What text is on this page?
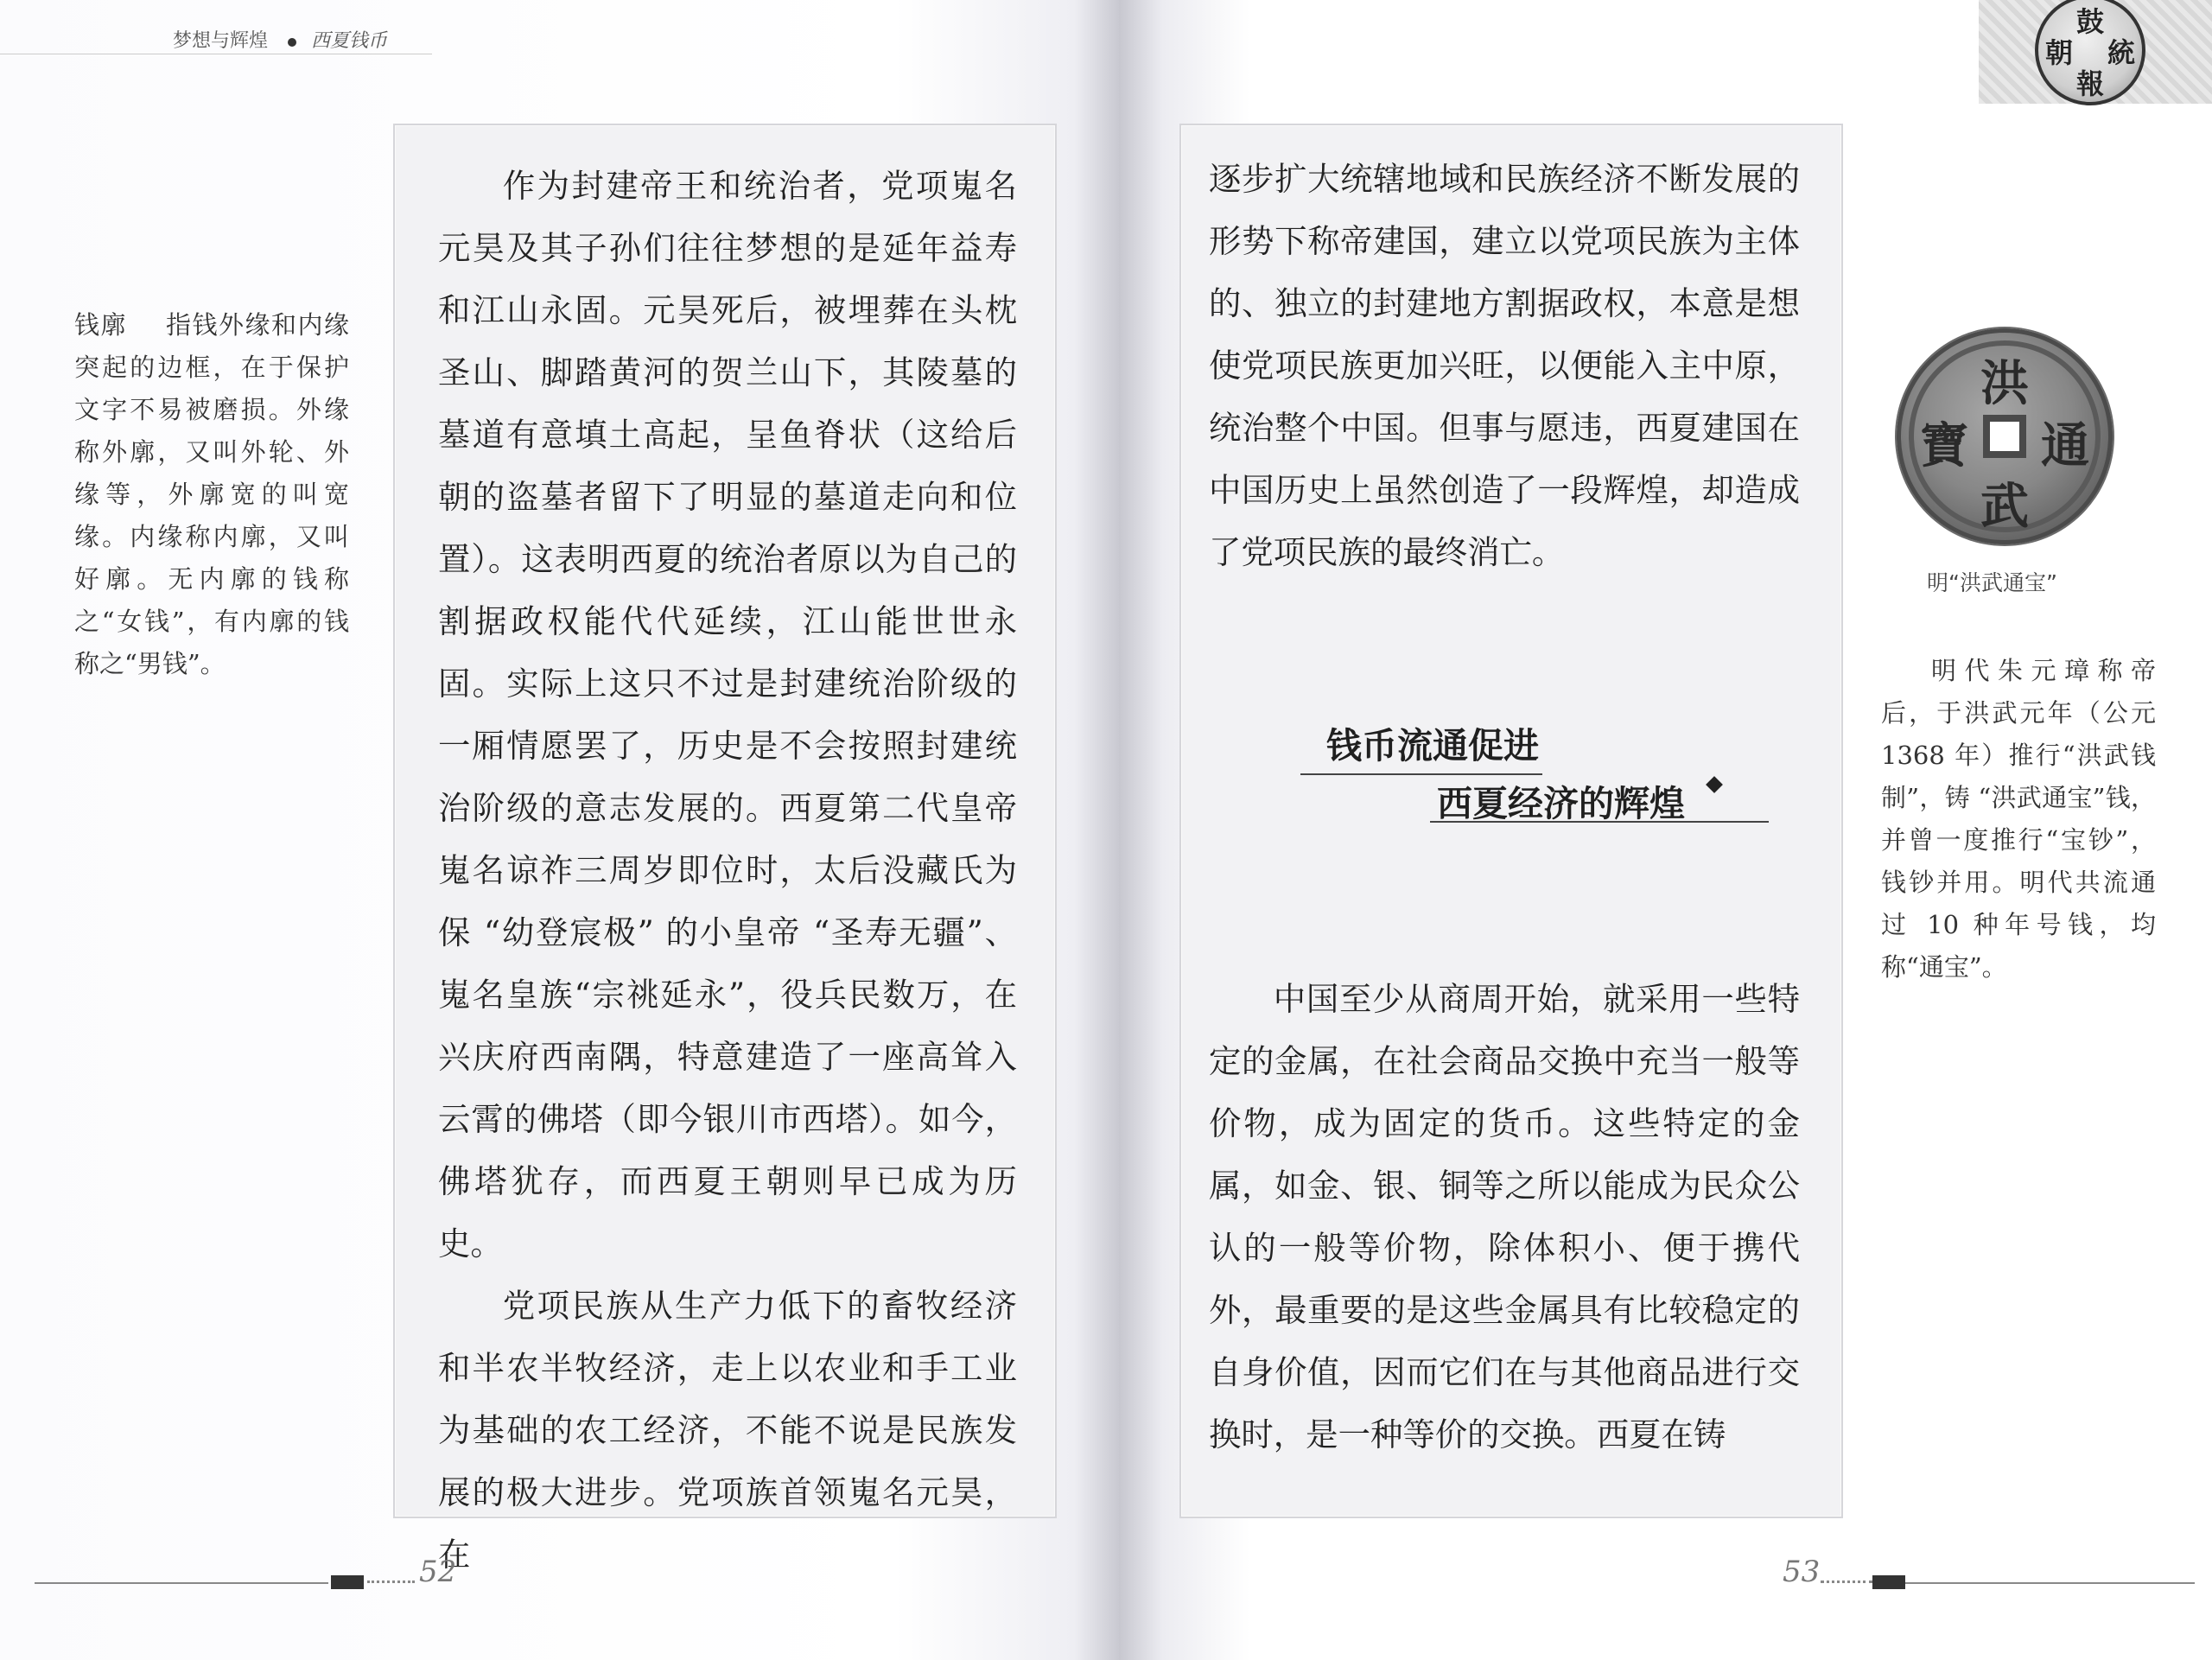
梦想与辉煌 西夏钱币
钱廓 指钱外缘和内缘突起的边框，在于保护文字不易被磨损。外缘称外廓，又叫外轮、外缘等，外廓宽的叫宽缘。内缘称内廓，又叫好廓。无内廓的钱称之“女钱”，有内廓的钱称之“男钱”。

作为封建帝王和统治者，党项嵬名元昊及其子孙们往往梦想的是延年益寿和江山永固。元昊死后，被埋葬在头枕圣山、脚踏黄河的贺兰山下，其陵墓的墓道有意填土高起，呈鱼脊状（这给后朝的盗墓者留下了明显的墓道走向和位置）。这表明西夏的统治者原以为自己的割据政权能代代延续，江山能世世永固。实际上这只不过是封建统治阶级的一厢情愿罢了，历史是不会按照封建统治阶级的意志发展的。西夏第二代皇帝嵬名谅祚三周岁即位时，太后没藏氏为保 “幼登宸极” 的小皇帝 “圣寿无疆”、嵬名皇族“宗祧延永”，役兵民数万，在兴庆府西南隅，特意建造了一座高耸入云霄的佛塔（即今银川市西塔）。如今，佛塔犹存，而西夏王朝则早已成为历史。

党项民族从生产力低下的畜牧经济和半农半牧经济，走上以农业和手工业为基础的农工经济，不能不说是民族发展的极大进步。党项族首领嵬名元昊，在

52
鼓
朝 統
報

逐步扩大统辖地域和民族经济不断发展的形势下称帝建国，建立以党项民族为主体的、独立的封建地方割据政权，本意是想使党项民族更加兴旺，以便能入主中原，统治整个中国。但事与愿违，西夏建国在中国历史上虽然创造了一段辉煌，却造成了党项民族的最终消亡。

中国至少从商周开始，就采用一些特定的金属，在社会商品交换中充当一般等价物，成为固定的货币。这些特定的金属，如金、银、铜等之所以能成为民众公认的一般等价物，除体积小、便于携代外，最重要的是这些金属具有比较稳定的自身价值，因而它们在与其他商品进行交换时，是一种等价的交换。西夏在铸

钱币流通促进
西夏经济的辉煌
洪
通
武
寶
明“洪武通宝”
明代朱元璋称帝后，于洪武元年（公元1368 年）推行“洪武钱制”，铸 “洪武通宝”钱，并曾一度推行“宝钞”，钱钞并用。明代共流通过 10 种年号钱，均称“通宝”。
53
